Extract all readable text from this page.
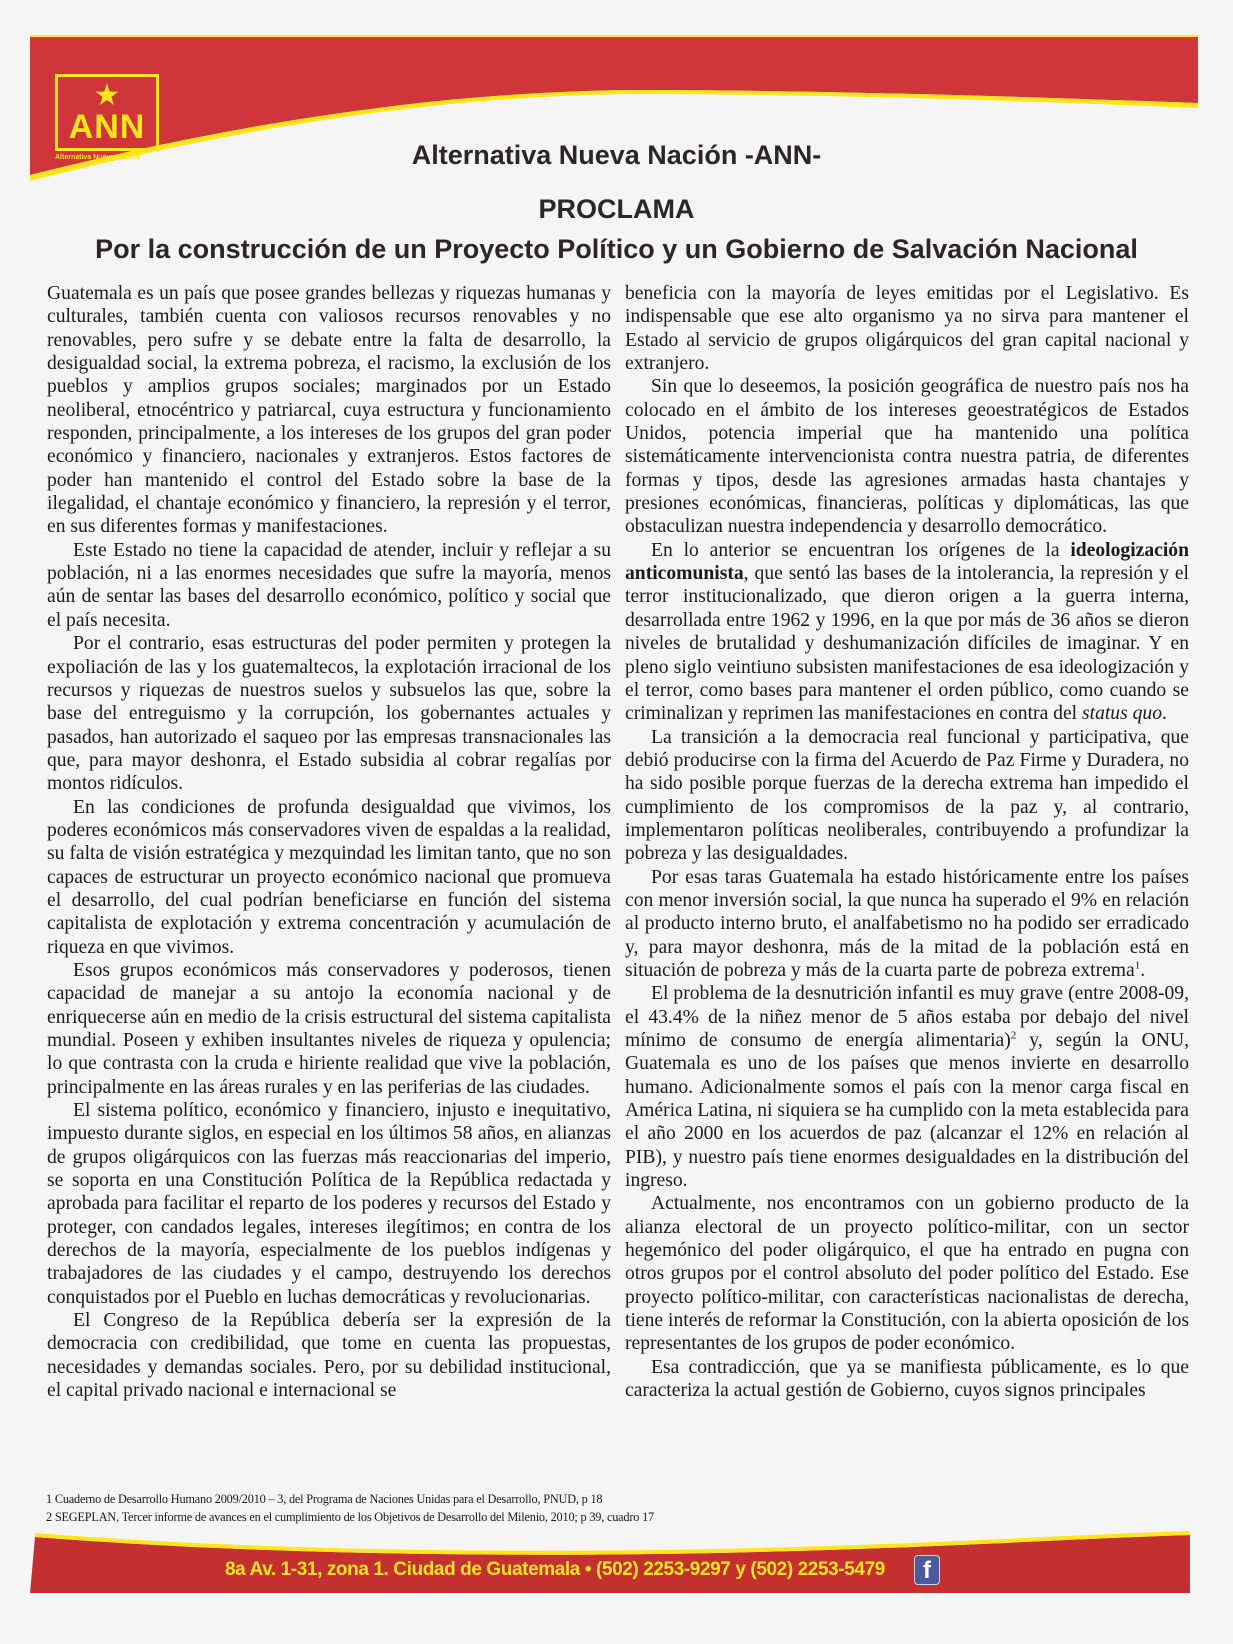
★
ANN
Alternativa Nueva Nación	Alternativa Nueva Nación -ANN-
PROCLAMA
Por la construcción de un Proyecto Político y un Gobierno de Salvación Nacional

Guatemala es un país que posee grandes bellezas y riquezas humanas y culturales, también cuenta con valiosos recursos renovables y no renovables, pero sufre y se debate entre la falta de desarrollo, la desigualdad social, la extrema pobreza, el racismo, la exclusión de los pueblos y amplios grupos sociales; marginados por un Estado neoliberal, etnocéntrico y patriarcal, cuya estructura y funcionamiento responden, principalmente, a los intereses de los grupos del gran poder económico y financiero, nacionales y extranjeros. Estos factores de poder han mantenido el control del Estado sobre la base de la ilegalidad, el chantaje económico y financiero, la represión y el terror, en sus diferentes formas y manifestaciones.

Este Estado no tiene la capacidad de atender, incluir y reflejar a su población, ni a las enormes necesidades que sufre la mayoría, menos aún de sentar las bases del desarrollo económico, político y social que el país necesita.

Por el contrario, esas estructuras del poder permiten y protegen la expoliación de las y los guatemaltecos, la explotación irracional de los recursos y riquezas de nuestros suelos y subsuelos las que, sobre la base del entreguismo y la corrupción, los gobernantes actuales y pasados, han autorizado el saqueo por las empresas transnacionales las que, para mayor deshonra, el Estado subsidia al cobrar regalías por montos ridículos.

En las condiciones de profunda desigualdad que vivimos, los poderes económicos más conservadores viven de espaldas a la realidad, su falta de visión estratégica y mezquindad les limitan tanto, que no son capaces de estructurar un proyecto económico nacional que promueva el desarrollo, del cual podrían beneficiarse en función del sistema capitalista de explotación y extrema concentración y acumulación de riqueza en que vivimos.

Esos grupos económicos más conservadores y poderosos, tienen capacidad de manejar a su antojo la economía nacional y de enriquecerse aún en medio de la crisis estructural del sistema capitalista mundial. Poseen y exhiben insultantes niveles de riqueza y opulencia; lo que contrasta con la cruda e hiriente realidad que vive la población, principalmente en las áreas rurales y en las periferias de las ciudades.

El sistema político, económico y financiero, injusto e inequitativo, impuesto durante siglos, en especial en los últimos 58 años, en alianzas de grupos oligárquicos con las fuerzas más reaccionarias del imperio, se soporta en una Constitución Política de la República redactada y aprobada para facilitar el reparto de los poderes y recursos del Estado y proteger, con candados legales, intereses ilegítimos; en contra de los derechos de la mayoría, especialmente de los pueblos indígenas y trabajadores de las ciudades y el campo, destruyendo los derechos conquistados por el Pueblo en luchas democráticas y revolucionarias.

El Congreso de la República debería ser la expresión de la democracia con credibilidad, que tome en cuenta las propuestas, necesidades y demandas sociales. Pero, por su debilidad institucional, el capital privado nacional e internacional se

beneficia con la mayoría de leyes emitidas por el Legislativo. Es indispensable que ese alto organismo ya no sirva para mantener el Estado al servicio de grupos oligárquicos del gran capital nacional y extranjero.

Sin que lo deseemos, la posición geográfica de nuestro país nos ha colocado en el ámbito de los intereses geoestratégicos de Estados Unidos, potencia imperial que ha mantenido una política sistemáticamente intervencionista contra nuestra patria, de diferentes formas y tipos, desde las agresiones armadas hasta chantajes y presiones económicas, financieras, políticas y diplomáticas, las que obstaculizan nuestra independencia y desarrollo democrático.

En lo anterior se encuentran los orígenes de la ideologización anticomunista, que sentó las bases de la intolerancia, la represión y el terror institucionalizado, que dieron origen a la guerra interna, desarrollada entre 1962 y 1996, en la que por más de 36 años se dieron niveles de brutalidad y deshumanización difíciles de imaginar. Y en pleno siglo veintiuno subsisten manifestaciones de esa ideologización y el terror, como bases para mantener el orden público, como cuando se criminalizan y reprimen las manifestaciones en contra del status quo.

La transición a la democracia real funcional y participativa, que debió producirse con la firma del Acuerdo de Paz Firme y Duradera, no ha sido posible porque fuerzas de la derecha extrema han impedido el cumplimiento de los compromisos de la paz y, al contrario, implementaron políticas neoliberales, contribuyendo a profundizar la pobreza y las desigualdades.

Por esas taras Guatemala ha estado históricamente entre los países con menor inversión social, la que nunca ha superado el 9% en relación al producto interno bruto, el analfabetismo no ha podido ser erradicado y, para mayor deshonra, más de la mitad de la población está en situación de pobreza y más de la cuarta parte de pobreza extrema$^1$.

El problema de la desnutrición infantil es muy grave (entre 2008-09, el 43.4% de la niñez menor de 5 años estaba por debajo del nivel mínimo de consumo de energía alimentaria)$^2$ y, según la ONU, Guatemala es uno de los países que menos invierte en desarrollo humano. Adicionalmente somos el país con la menor carga fiscal en América Latina, ni siquiera se ha cumplido con la meta establecida para el año 2000 en los acuerdos de paz (alcanzar el 12% en relación al PIB), y nuestro país tiene enormes desigualdades en la distribución del ingreso.

Actualmente, nos encontramos con un gobierno producto de la alianza electoral de un proyecto político-militar, con un sector hegemónico del poder oligárquico, el que ha entrado en pugna con otros grupos por el control absoluto del poder político del Estado. Ese proyecto político-militar, con características nacionalistas de derecha, tiene interés de reformar la Constitución, con la abierta oposición de los representantes de los grupos de poder económico.

Esa contradicción, que ya se manifiesta públicamente, es lo que caracteriza la actual gestión de Gobierno, cuyos signos principales

1 Cuaderno de Desarrollo Humano 2009/2010 – 3, del Programa de Naciones Unidas para el Desarrollo, PNUD, p 18
2 SEGEPLAN, Tercer informe de avances en el cumplimiento de los Objetivos de Desarrollo del Milenio, 2010; p 39, cuadro 17
8a Av. 1-31, zona 1. Ciudad de Guatemala • (502) 2253-9297 y (502) 2253-5479	f
